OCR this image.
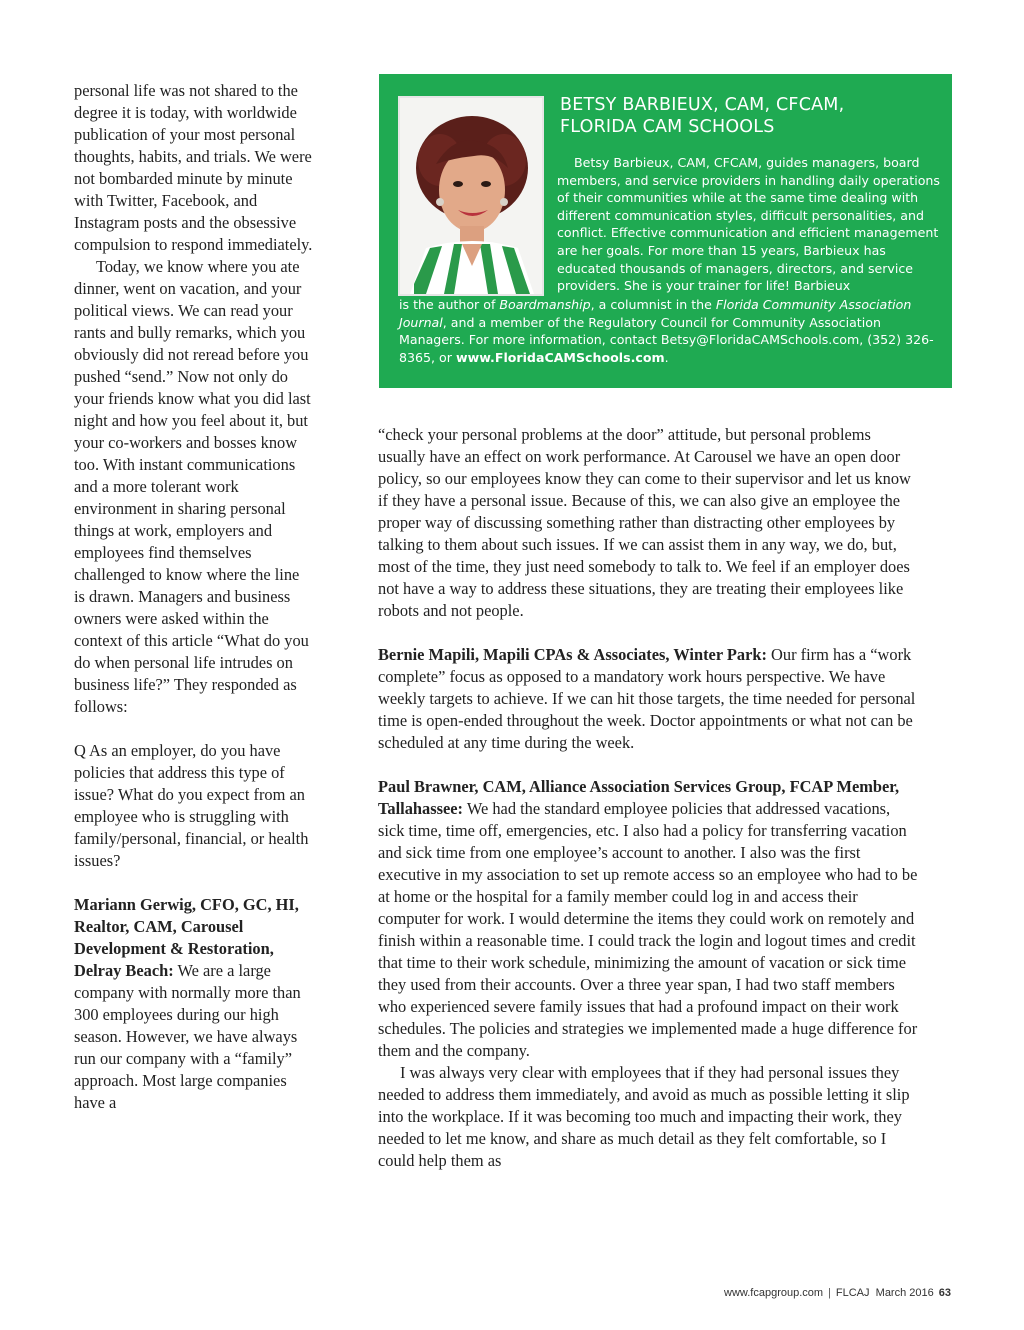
personal life was not shared to the degree it is today, with worldwide publication of your most personal thoughts, habits, and trials. We were not bombarded minute by minute with Twitter, Facebook, and Instagram posts and the obsessive compulsion to respond immediately.

Today, we know where you ate dinner, went on vacation, and your political views. We can read your rants and bully remarks, which you obviously did not reread before you pushed “send.” Now not only do your friends know what you did last night and how you feel about it, but your co-workers and bosses know too. With instant communications and a more tolerant work environment in sharing personal things at work, employers and employees find themselves challenged to know where the line is drawn. Managers and business owners were asked within the context of this article “What do you do when personal life intrudes on business life?” They responded as follows:

Q As an employer, do you have policies that address this type of issue? What do you expect from an employee who is struggling with family/personal, financial, or health issues?

Mariann Gerwig, CFO, GC, HI, Realtor, CAM, Carousel Development & Restoration, Delray Beach: We are a large company with normally more than 300 employees during our high season. However, we have always run our company with a “family” approach. Most large companies have a

BETSY BARBIEUX, CAM, CFCAM,
FLORIDA CAM SCHOOLS
Betsy Barbieux, CAM, CFCAM, guides managers, board members, and service providers in handling daily operations of their communities while at the same time dealing with different communication styles, difficult personalities, and conflict. Effective communication and efficient management are her goals. For more than 15 years, Barbieux has educated thousands of managers, directors, and service providers. She is your trainer for life! Barbieux
is the author of Boardmanship, a columnist in the Florida Community Association Journal, and a member of the Regulatory Council for Community Association Managers. For more information, contact Betsy@FloridaCAMSchools.com, (352) 326-8365, or www.FloridaCAMSchools.com.

“check your personal problems at the door” attitude, but personal problems usually have an effect on work performance. At Carousel we have an open door policy, so our employees know they can come to their supervisor and let us know if they have a personal issue. Because of this, we can also give an employee the proper way of discussing something rather than distracting other employees by talking to them about such issues. If we can assist them in any way, we do, but, most of the time, they just need somebody to talk to. We feel if an employer does not have a way to address these situations, they are treating their employees like robots and not people.

Bernie Mapili, Mapili CPAs & Associates, Winter Park: Our firm has a “work complete” focus as opposed to a mandatory work hours perspective. We have weekly targets to achieve. If we can hit those targets, the time needed for personal time is open-ended throughout the week. Doctor appointments or what not can be scheduled at any time during the week.

Paul Brawner, CAM, Alliance Association Services Group, FCAP Member, Tallahassee: We had the standard employee policies that addressed vacations, sick time, time off, emergencies, etc. I also had a policy for transferring vacation and sick time from one employee’s account to another. I also was the first executive in my association to set up remote access so an employee who had to be at home or the hospital for a family member could log in and access their computer for work. I would determine the items they could work on remotely and finish within a reasonable time. I could track the login and logout times and credit that time to their work schedule, minimizing the amount of vacation or sick time they used from their accounts. Over a three year span, I had two staff members who experienced severe family issues that had a profound impact on their work schedules. The policies and strategies we implemented made a huge difference for them and the company.

I was always very clear with employees that if they had personal issues they needed to address them immediately, and avoid as much as possible letting it slip into the workplace. If it was becoming too much and impacting their work, they needed to let me know, and share as much detail as they felt comfortable, so I could help them as

www.fcapgroup.com | FLCAJ March 2016 63
